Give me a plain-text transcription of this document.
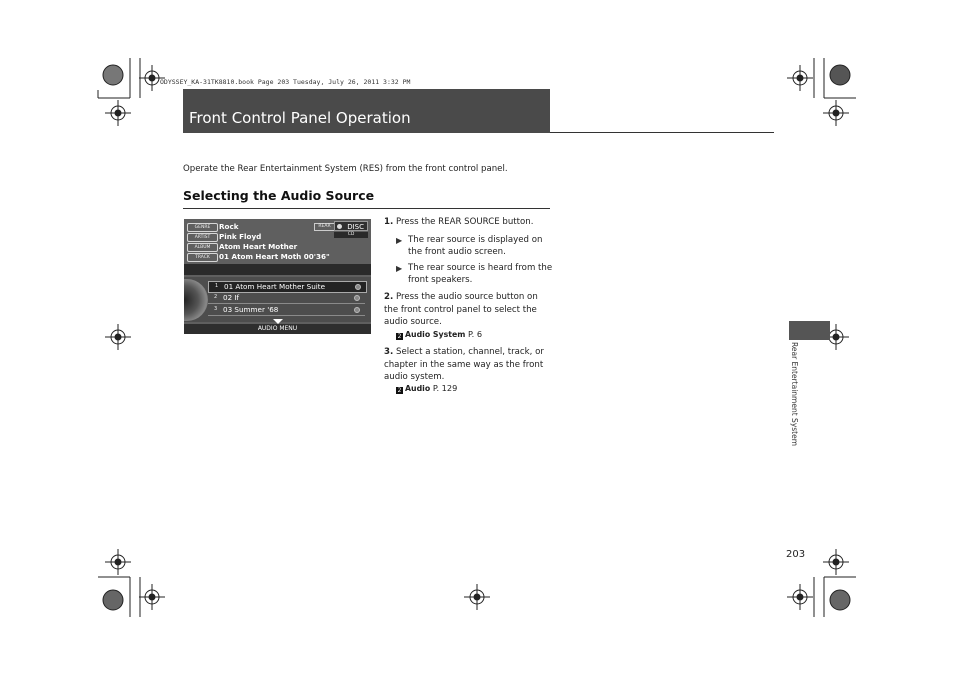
ODYSSEY_KA-31TK8810.book Page 203 Tuesday, July 26, 2011 3:32 PM
Front Control Panel Operation
Operate the Rear Entertainment System (RES) from the front control panel.
Selecting the Audio Source
GENRE	Rock
ARTIST	Pink Floyd
ALBUM	Atom Heart Mother
TRACK	01 Atom Heart Moth 00'36"
REAR	DISC
CD
1 01 Atom Heart Mother Suite
2 02 If
3 03 Summer '68
AUDIO MENU
1. Press the REAR SOURCE button.
▶ The rear source is displayed on the front audio screen.
▶ The rear source is heard from the front speakers.
2. Press the audio source button on the front control panel to select the audio source.
2 Audio System P. 6
3. Select a station, channel, track, or chapter in the same way as the front audio system.
2 Audio P. 129	Rear Entertainment System
203
